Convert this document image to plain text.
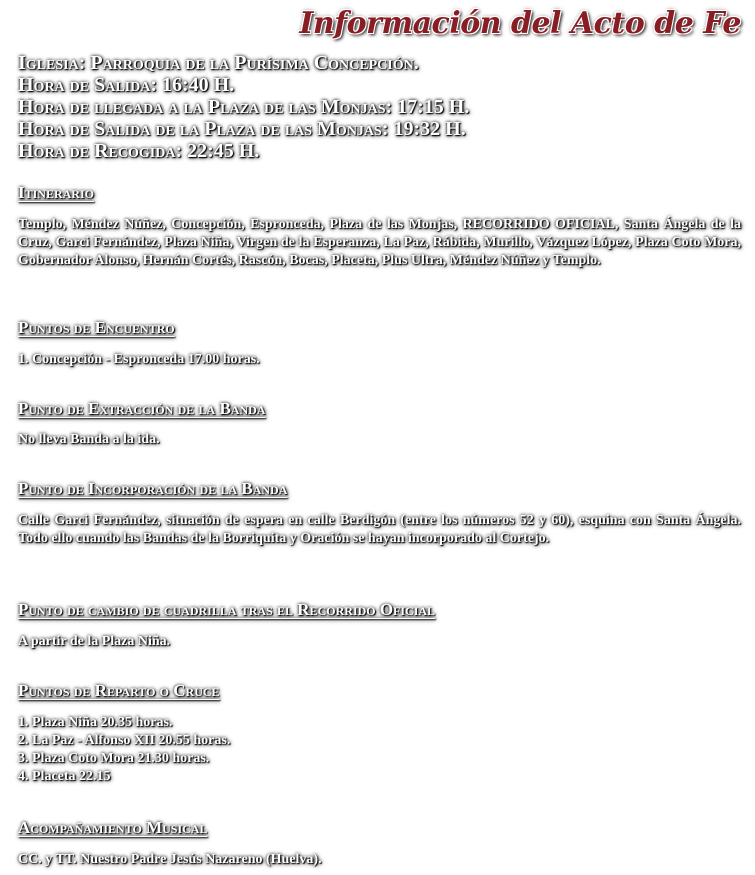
Información del Acto de Fe
Iglesia: Parroquia de la Purísima Concepción.
Hora de Salida: 16:40 H.
Hora de llegada a la Plaza de las Monjas: 17:15 H.
Hora de Salida de la Plaza de las Monjas: 19:32 H.
Hora de Recogida: 22:45 H.
Itinerario
Templo, Méndez Núñez, Concepción, Espronceda, Plaza de las Monjas, RECORRIDO OFICIAL, Santa Ángela de la Cruz, Garci Fernández, Plaza Niña, Virgen de la Esperanza, La Paz, Rábida, Murillo, Vázquez López, Plaza Coto Mora, Gobernador Alonso, Hernán Cortés, Rascón, Bocas, Placeta, Plus Ultra, Méndez Núñez y Templo.
Puntos de Encuentro
1. Concepción - Espronceda 17.00 horas.
Punto de Extracción de la Banda
No lleva Banda a la ida.
Punto de Incorporación de la Banda
Calle Garci Fernández, situación de espera en calle Berdigón (entre los números 52 y 60), esquina con Santa Ángela. Todo ello cuando las Bandas de la Borriquita y Oración se hayan incorporado al Cortejo.
Punto de cambio de cuadrilla tras el Recorrido Oficial
A partir de la Plaza Niña.
Puntos de Reparto o Cruce
1. Plaza Niña 20.35 horas.
2. La Paz - Alfonso XII 20.55 horas.
3. Plaza Coto Mora 21.30 horas.
4. Placeta 22.15
Acompañamiento Musical
CC. y TT. Nuestro Padre Jesús Nazareno (Huelva).
